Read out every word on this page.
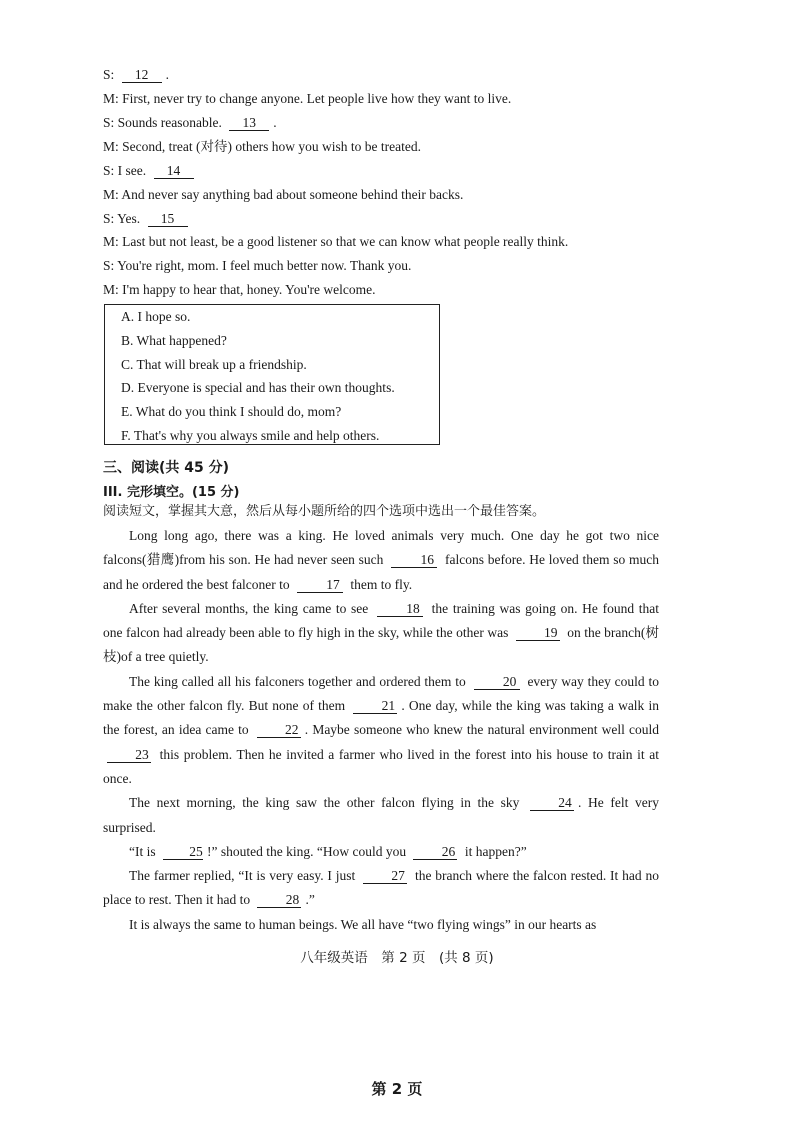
S: 12 .
M: First, never try to change anyone. Let people live how they want to live.
S: Sounds reasonable. 13 .
M: Second, treat (对待) others how you wish to be treated.
S: I see. 14
M: And never say anything bad about someone behind their backs.
S: Yes. 15
M: Last but not least, be a good listener so that we can know what people really think.
S: You're right, mom. I feel much better now. Thank you.
M: I'm happy to hear that, honey. You're welcome.
A. I hope so.
B. What happened?
C. That will break up a friendship.
D. Everyone is special and has their own thoughts.
E. What do you think I should do, mom?
F. That's why you always smile and help others.
三、阅读(共 45 分)
III. 完形填空。(15 分)
阅读短文，掌握其大意，然后从每小题所给的四个选项中选出一个最佳答案。

Long long ago, there was a king. He loved animals very much. One day he got two nice falcons(猎鹰)from his son. He had never seen such	16 falcons before. He loved them so much and he ordered the best falconer to	17 them to fly.

After several months, the king came to see	18 the training was going on. He found that one falcon had already been able to fly high in the sky, while the other was	19 on the branch(树枝)of a tree quietly.

The king called all his falconers together and ordered them to	20 every way they could to make the other falcon fly. But none of them	21 . One day, while the king was taking a walk in the forest, an idea came to	22 . Maybe someone who knew the natural environment well could 23 this problem. Then he invited a farmer who lived in the forest into his house to train it at once.

The next morning, the king saw the other falcon flying in the sky	24 . He felt very surprised.

“It is 25 !” shouted the king. “How could you	26 it happen?”

The farmer replied, “It is very easy. I just	27 the branch where the falcon rested. It had no place to rest. Then it had to	28 .”

It is always the same to human beings. We all have “two flying wings” in our hearts as

八年级英语　第 2 页　(共 8 页)
第 2 页
